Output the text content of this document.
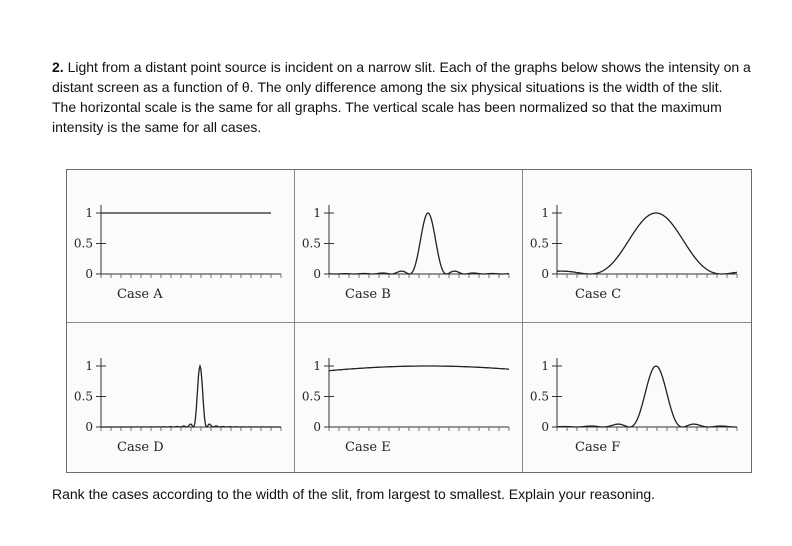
2. Light from a distant point source is incident on a narrow slit. Each of the graphs below shows the intensity on a distant screen as a function of θ. The only difference among the six physical situations is the width of the slit.

The horizontal scale is the same for all graphs. The vertical scale has been normalized so that the maximum intensity is the same for all cases.

1
0.5
0
Case A
1
0.5
0
Case B
1
0.5
0
Case C
1
0.5
0
Case D
1
0.5
0
Case E
1
0.5
0
Case F
Rank the cases according to the width of the slit, from largest to smallest. Explain your reasoning.
